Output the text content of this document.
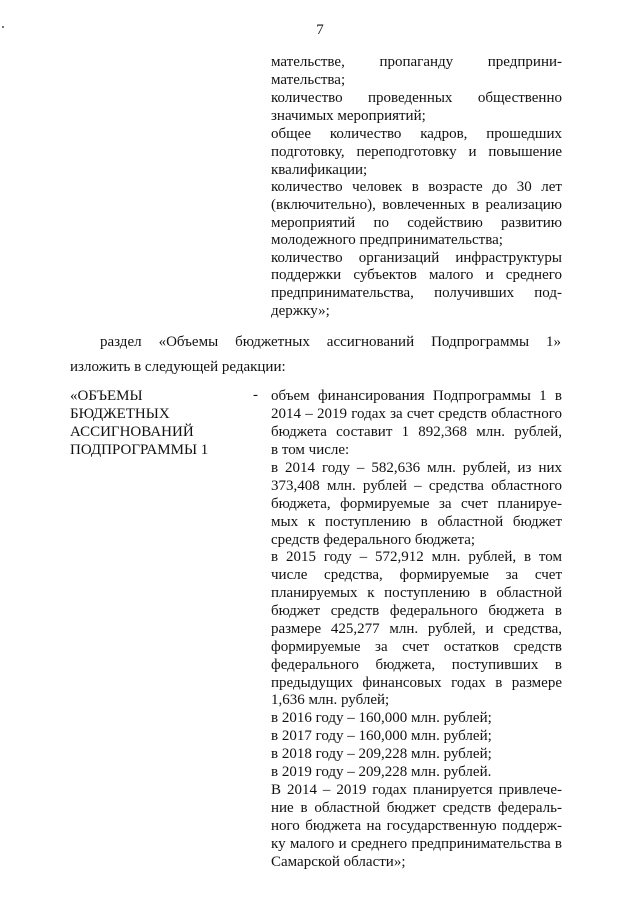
7
мательстве, пропаганду предприни-
мательства;
количество проведенных общественно
значимых мероприятий;
общее количество кадров, прошедших
подготовку, переподготовку и повышение
квалификации;
количество человек в возрасте до 30 лет
(включительно), вовлеченных в реализацию
мероприятий по содействию развитию
молодежного предпринимательства;
количество организаций инфраструктуры
поддержки субъектов малого и среднего
предпринимательства, получивших под-
держку»;
раздел «Объемы бюджетных ассигнований Подпрограммы 1»
изложить в следующей редакции:
«ОБЪЕМЫ
БЮДЖЕТНЫХ
АССИГНОВАНИЙ
ПОДПРОГРАММЫ 1
- объем финансирования Подпрограммы 1 в
2014 – 2019 годах за счет средств областного
бюджета составит 1 892,368 млн. рублей,
в том числе:
в 2014 году – 582,636 млн. рублей, из них
373,408 млн. рублей – средства областного
бюджета, формируемые за счет планируе-
мых к поступлению в областной бюджет
средств федерального бюджета;
в 2015 году – 572,912 млн. рублей, в том
числе средства, формируемые за счет
планируемых к поступлению в областной
бюджет средств федерального бюджета в
размере 425,277 млн. рублей, и средства,
формируемые за счет остатков средств
федерального бюджета, поступивших в
предыдущих финансовых годах в размере
1,636 млн. рублей;
в 2016 году – 160,000 млн. рублей;
в 2017 году – 160,000 млн. рублей;
в 2018 году – 209,228 млн. рублей;
в 2019 году – 209,228 млн. рублей.
В 2014 – 2019 годах планируется привлече-
ние в областной бюджет средств федераль-
ного бюджета на государственную поддерж-
ку малого и среднего предпринимательства в
Самарской области»;
